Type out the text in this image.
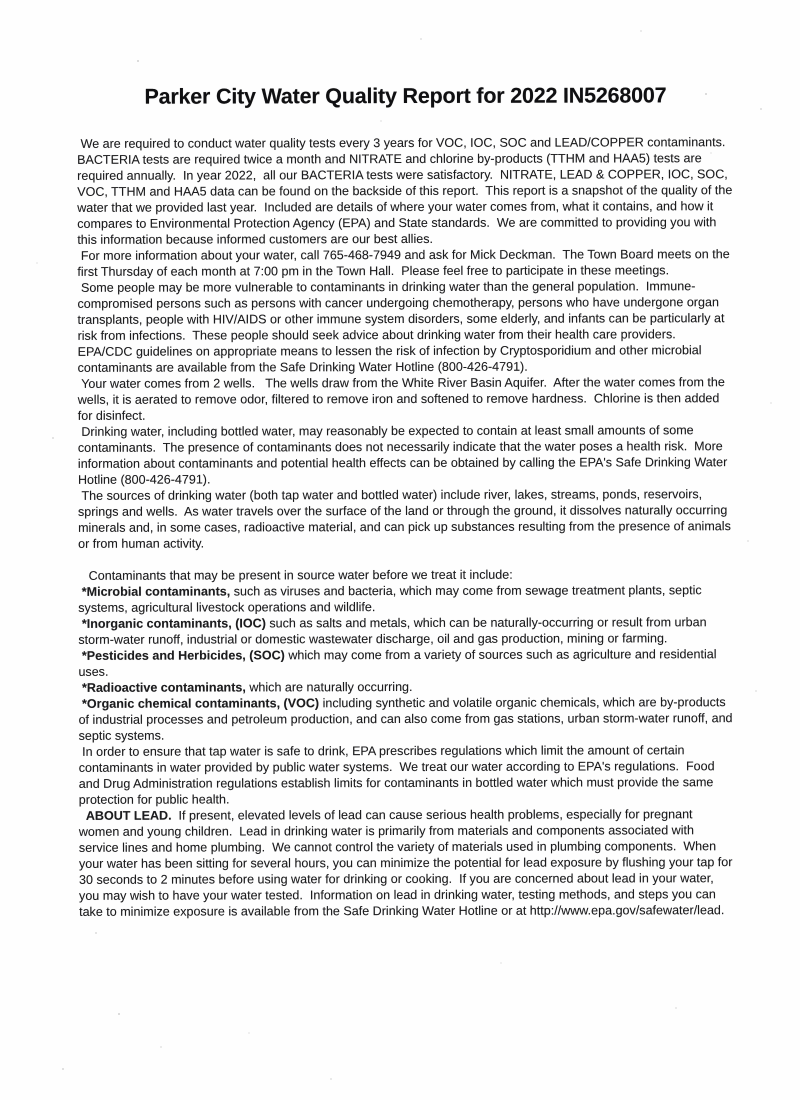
Parker City Water Quality Report for 2022 IN5268007

We are required to conduct water quality tests every 3 years for VOC, IOC, SOC and LEAD/COPPER contaminants.  BACTERIA tests are required twice a month and NITRATE and chlorine by-products (TTHM and HAA5) tests are required annually.  In year 2022,  all our BACTERIA tests were satisfactory.  NITRATE, LEAD & COPPER, IOC, SOC, VOC, TTHM and HAA5 data can be found on the backside of this report.  This report is a snapshot of the quality of the water that we provided last year.  Included are details of where your water comes from, what it contains, and how it compares to Environmental Protection Agency (EPA) and State standards.  We are committed to providing you with this information because informed customers are our best allies.

For more information about your water, call 765-468-7949 and ask for Mick Deckman.  The Town Board meets on the first Thursday of each month at 7:00 pm in the Town Hall.  Please feel free to participate in these meetings.

Some people may be more vulnerable to contaminants in drinking water than the general population.  Immune-compromised persons such as persons with cancer undergoing chemotherapy, persons who have undergone organ transplants, people with HIV/AIDS or other immune system disorders, some elderly, and infants can be particularly at risk from infections.  These people should seek advice about drinking water from their health care providers.  EPA/CDC guidelines on appropriate means to lessen the risk of infection by Cryptosporidium and other microbial contaminants are available from the Safe Drinking Water Hotline (800-426-4791).

Your water comes from 2 wells.   The wells draw from the White River Basin Aquifer.  After the water comes from the wells, it is aerated to remove odor, filtered to remove iron and softened to remove hardness.  Chlorine is then added for disinfect.

Drinking water, including bottled water, may reasonably be expected to contain at least small amounts of some contaminants.  The presence of contaminants does not necessarily indicate that the water poses a health risk.  More information about contaminants and potential health effects can be obtained by calling the EPA's Safe Drinking Water Hotline (800-426-4791).

The sources of drinking water (both tap water and bottled water) include river, lakes, streams, ponds, reservoirs, springs and wells.  As water travels over the surface of the land or through the ground, it dissolves naturally occurring minerals and, in some cases, radioactive material, and can pick up substances resulting from the presence of animals or from human activity.

Contaminants that may be present in source water before we treat it include:

*Microbial contaminants, such as viruses and bacteria, which may come from sewage treatment plants, septic systems, agricultural livestock operations and wildlife.

*Inorganic contaminants, (IOC) such as salts and metals, which can be naturally-occurring or result from urban storm-water runoff, industrial or domestic wastewater discharge, oil and gas production, mining or farming.

*Pesticides and Herbicides, (SOC) which may come from a variety of sources such as agriculture and residential uses.

*Radioactive contaminants, which are naturally occurring.

*Organic chemical contaminants, (VOC) including synthetic and volatile organic chemicals, which are by-products of industrial processes and petroleum production, and can also come from gas stations, urban storm-water runoff, and septic systems.

In order to ensure that tap water is safe to drink, EPA prescribes regulations which limit the amount of certain contaminants in water provided by public water systems.  We treat our water according to EPA's regulations.  Food and Drug Administration regulations establish limits for contaminants in bottled water which must provide the same protection for public health.

ABOUT LEAD.  If present, elevated levels of lead can cause serious health problems, especially for pregnant women and young children.  Lead in drinking water is primarily from materials and components associated with service lines and home plumbing.  We cannot control the variety of materials used in plumbing components.  When your water has been sitting for several hours, you can minimize the potential for lead exposure by flushing your tap for 30 seconds to 2 minutes before using water for drinking or cooking.  If you are concerned about lead in your water, you may wish to have your water tested.  Information on lead in drinking water, testing methods, and steps you can take to minimize exposure is available from the Safe Drinking Water Hotline or at http://www.epa.gov/safewater/lead.
